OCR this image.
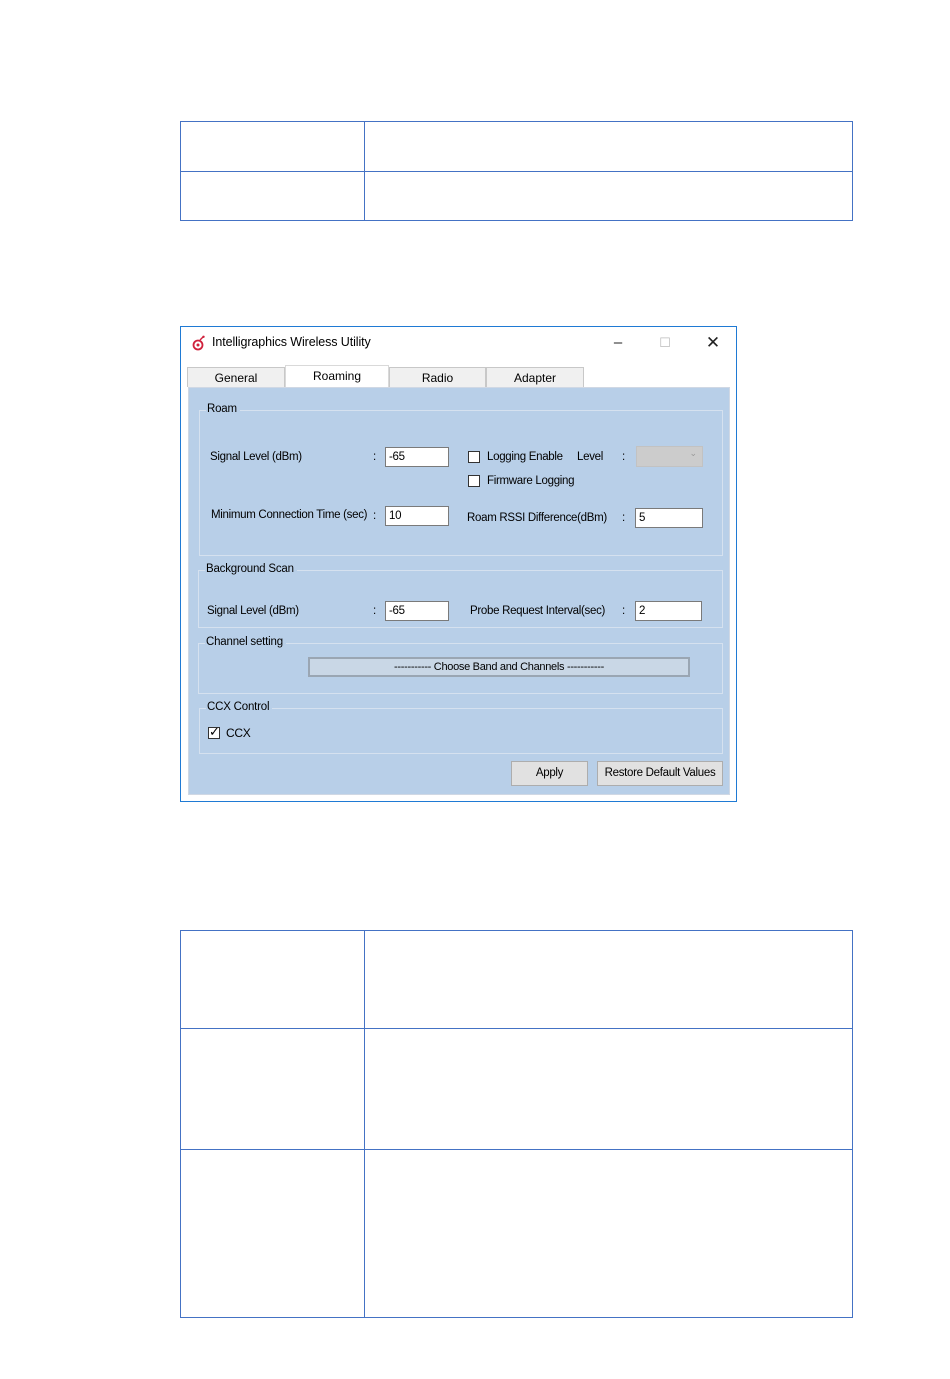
Intelligraphics Wireless Utility	–	☐	✕
General	Roaming	Radio	Adapter
Roam
Signal Level (dBm)	:	-65	Logging Enable Level :	⌄
Firmware Logging
Minimum Connection Time (sec) :	10	Roam RSSI Difference(dBm) :	5
Background Scan
Signal Level (dBm)	:	-65	Probe Request Interval(sec) :	2
Channel setting
----------- Choose Band and Channels -----------
CCX Control
✓ CCX
Apply	Restore Default Values
